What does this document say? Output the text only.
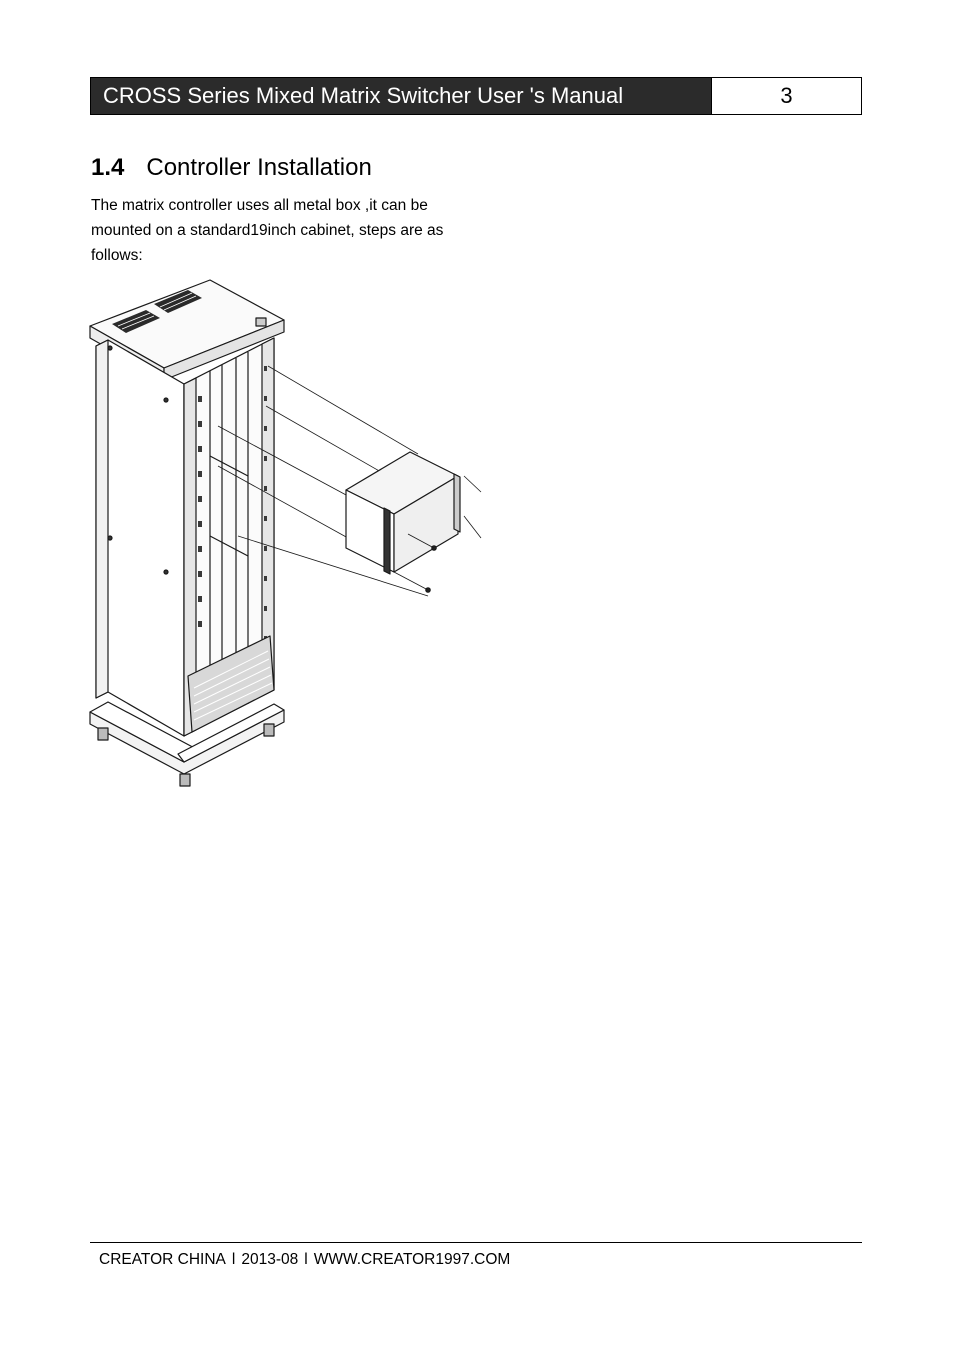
CROSS Series Mixed Matrix Switcher User 's Manual	3
1.4 Controller Installation
The matrix controller uses all metal box ,it can be mounted on a standard19inch cabinet, steps are as follows:
CREATOR CHINA l 2013-08 l WWW.CREATOR1997.COM
